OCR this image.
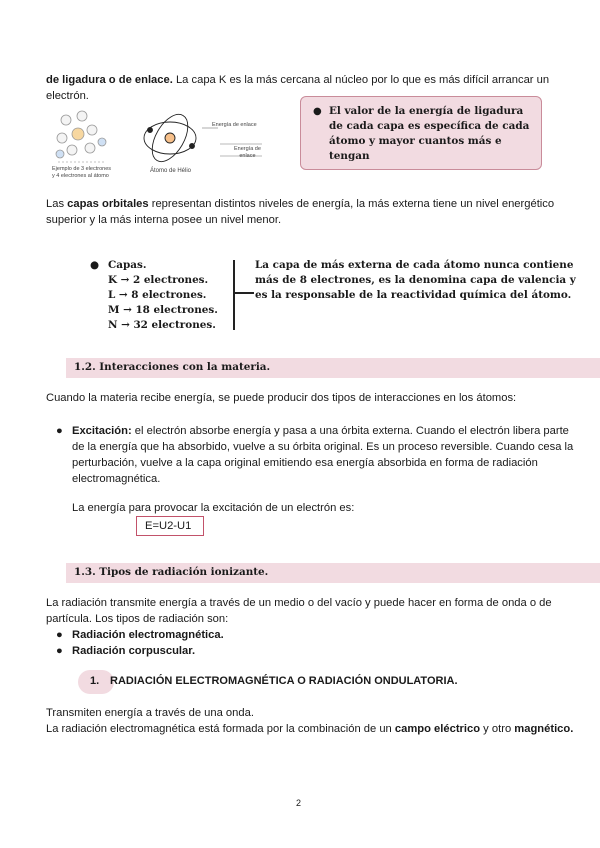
de ligadura o de enlace. La capa K es la más cercana al núcleo por lo que es más difícil arrancar un electrón.
Ejemplo de 3 electrones
y 4 electrones al átomo
Átomo de Hélio
Energía de enlace
Energía de
enlace
● El valor de la energía de ligadura de cada capa es específica de cada átomo y mayor cuantos más e tengan
Las capas orbitales representan distintos niveles de energía, la más externa tiene un nivel energético superior y la más interna posee un nivel menor.
● Capas.
K → 2 electrones.
L → 8 electrones.
M → 18 electrones.
N → 32 electrones.
La capa de más externa de cada átomo nunca contiene más de 8 electrones, es la denomina capa de valencia y es la responsable de la reactividad química del átomo.
1.2. Interacciones con la materia.
Cuando la materia recibe energía, se puede producir dos tipos de interacciones en los átomos:
● Excitación: el electrón absorbe energía y pasa a una órbita externa. Cuando el electrón libera parte de la energía que ha absorbido, vuelve a su órbita original. Es un proceso reversible. Cuando cesa la perturbación, vuelve a la capa original emitiendo esa energía absorbida en forma de radiación electromagnética.
La energía para provocar la excitación de un electrón es:
E=U2-U1
1.3. Tipos de radiación ionizante.
La radiación transmite energía a través de un medio o del vacío y puede hacer en forma de onda o de partícula. Los tipos de radiación son:
● Radiación electromagnética.
● Radiación corpuscular.
1. RADIACIÓN ELECTROMAGNÉTICA O RADIACIÓN ONDULATORIA.
Transmiten energía a través de una onda.
La radiación electromagnética está formada por la combinación de un campo eléctrico y otro magnético.
2
